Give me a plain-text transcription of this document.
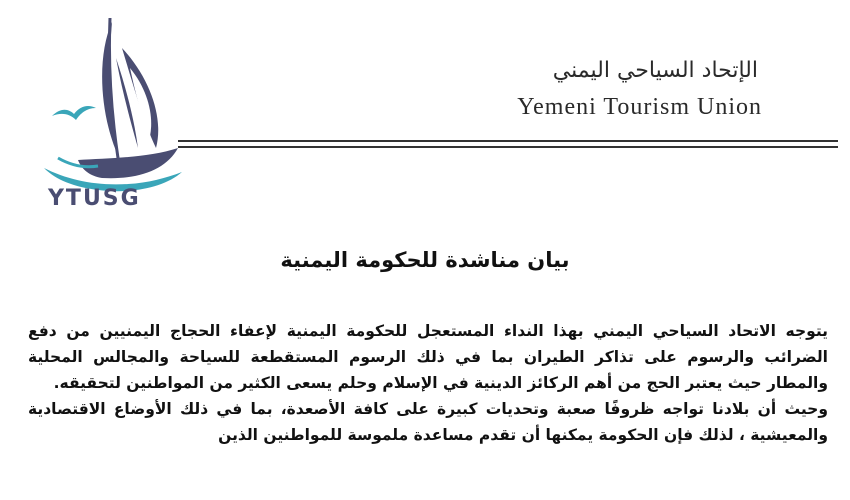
YTUSG
الإتحاد السياحي اليمني
Yemeni Tourism Union
بيان مناشدة للحكومة اليمنية

يتوجه الاتحاد السياحي اليمني بهذا النداء المستعجل للحكومة اليمنية لإعفاء الحجاج اليمنيين من دفع الضرائب والرسوم على تذاكر الطيران بما في ذلك الرسوم المستقطعة للسياحة والمجالس المحلية والمطار حيث يعتبر الحج من أهم الركائز الدينية في الإسلام وحلم يسعى الكثير من المواطنين لتحقيقه.

وحيث أن بلادنا تواجه ظروفًا صعبة وتحديات كبيرة على كافة الأصعدة، بما في ذلك الأوضاع الاقتصادية والمعيشية ، لذلك فإن الحكومة يمكنها أن تقدم مساعدة ملموسة للمواطنين الذين
